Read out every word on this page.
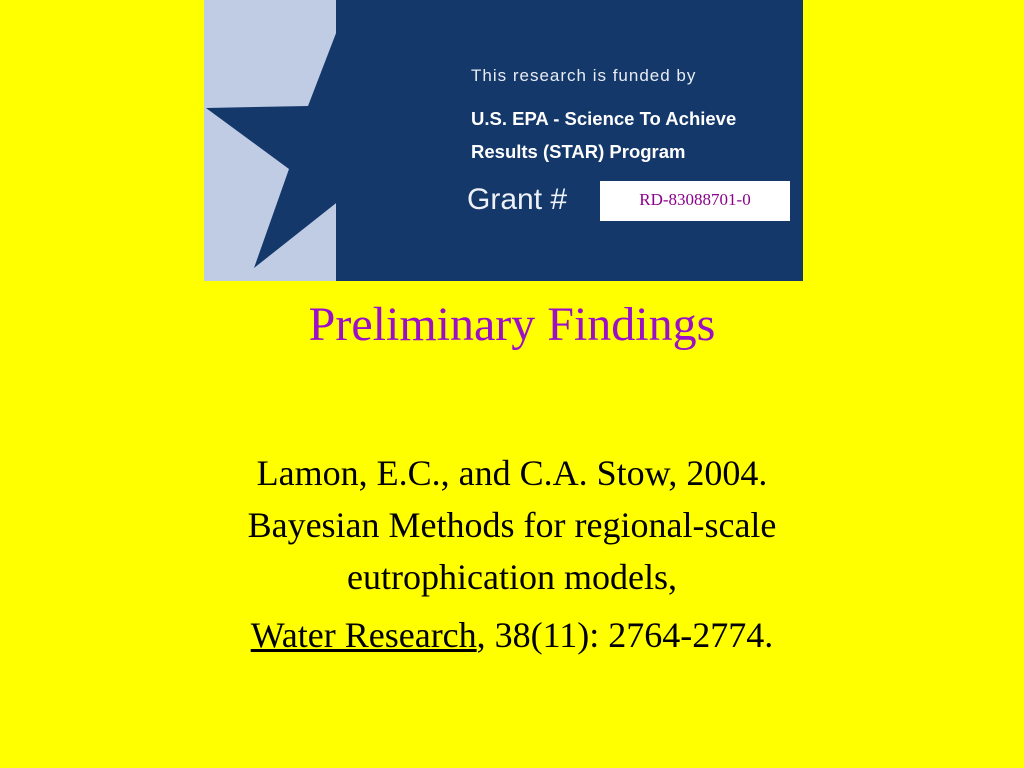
This research is funded by
U.S. EPA - Science To Achieve
Results (STAR) Program
Grant #	RD-83088701-0
Preliminary Findings
Lamon, E.C., and C.A. Stow, 2004.
Bayesian Methods for regional-scale
eutrophication models,
Water Research, 38(11): 2764-2774.
